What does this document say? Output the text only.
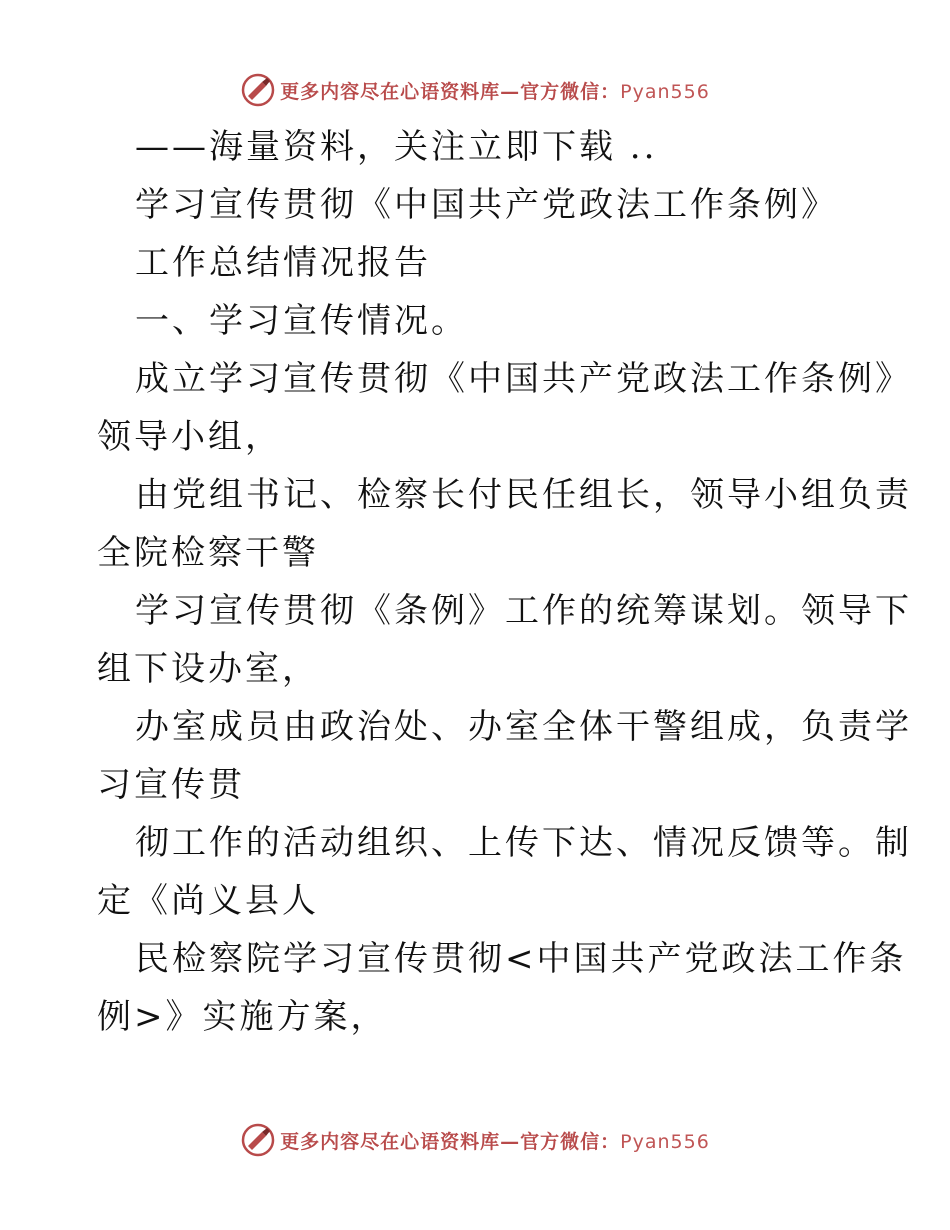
更多内容尽在心语资料库—官方微信：Pyan556
——海量资料，关注立即下载 ..
学习宣传贯彻《中国共产党政法工作条例》
工作总结情况报告
一、学习宣传情况。
成立学习宣传贯彻《中国共产党政法工作条例》
领导小组，
由党组书记、检察长付民任组长，领导小组负责
全院检察干警
学习宣传贯彻《条例》工作的统筹谋划。领导下
组下设办室，
办室成员由政治处、办室全体干警组成，负责学
习宣传贯
彻工作的活动组织、上传下达、情况反馈等。制
定《尚义县人
民检察院学习宣传贯彻<中国共产党政法工作条
例>》实施方案，
更多内容尽在心语资料库—官方微信：Pyan556
